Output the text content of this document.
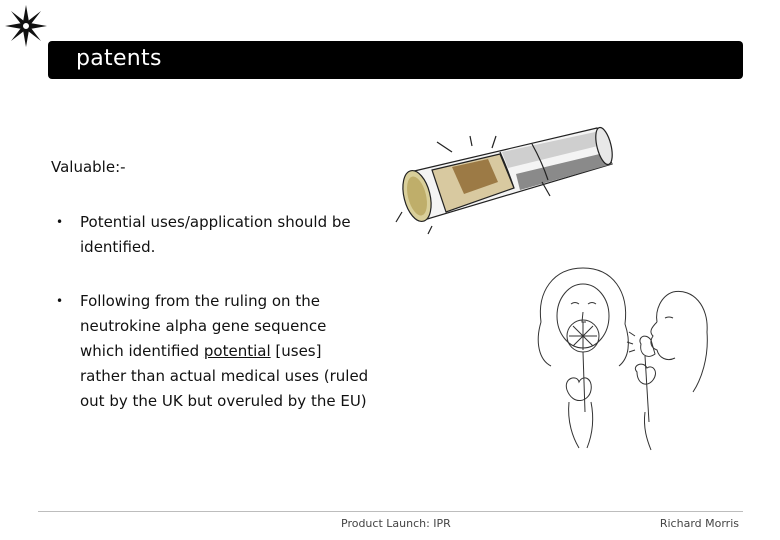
patents
Valuable:-
• Potential uses/application should be identified.
• Following from the ruling on the neutrokine alpha gene sequence which identified potential [uses] rather than actual medical uses (ruled out by the UK but overuled by the EU)
Product Launch: IPR	Richard Morris
